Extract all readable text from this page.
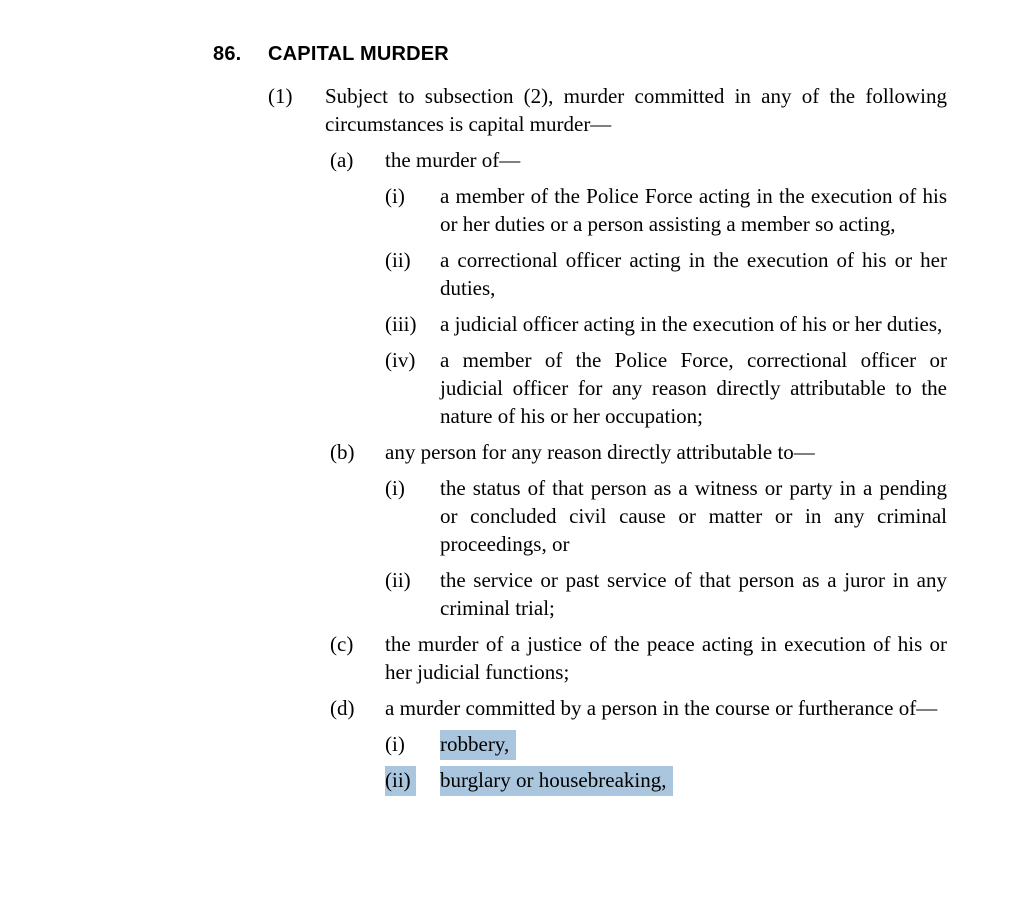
86.	CAPITAL MURDER
(1)	Subject to subsection (2), murder committed in any of the following circumstances is capital murder—
(a)	the murder of—
(i)	a member of the Police Force acting in the execution of his or her duties or a person assisting a member so acting,
(ii)	a correctional officer acting in the execution of his or her duties,
(iii)	a judicial officer acting in the execution of his or her duties,
(iv)	a member of the Police Force, correctional officer or judicial officer for any reason directly attributable to the nature of his or her occupation;
(b)	any person for any reason directly attributable to—
(i)	the status of that person as a witness or party in a pending or concluded civil cause or matter or in any criminal proceedings, or
(ii)	the service or past service of that person as a juror in any criminal trial;
(c)	the murder of a justice of the peace acting in execution of his or her judicial functions;
(d)	a murder committed by a person in the course or furtherance of—
(i)	robbery,
(ii)	burglary or housebreaking,
